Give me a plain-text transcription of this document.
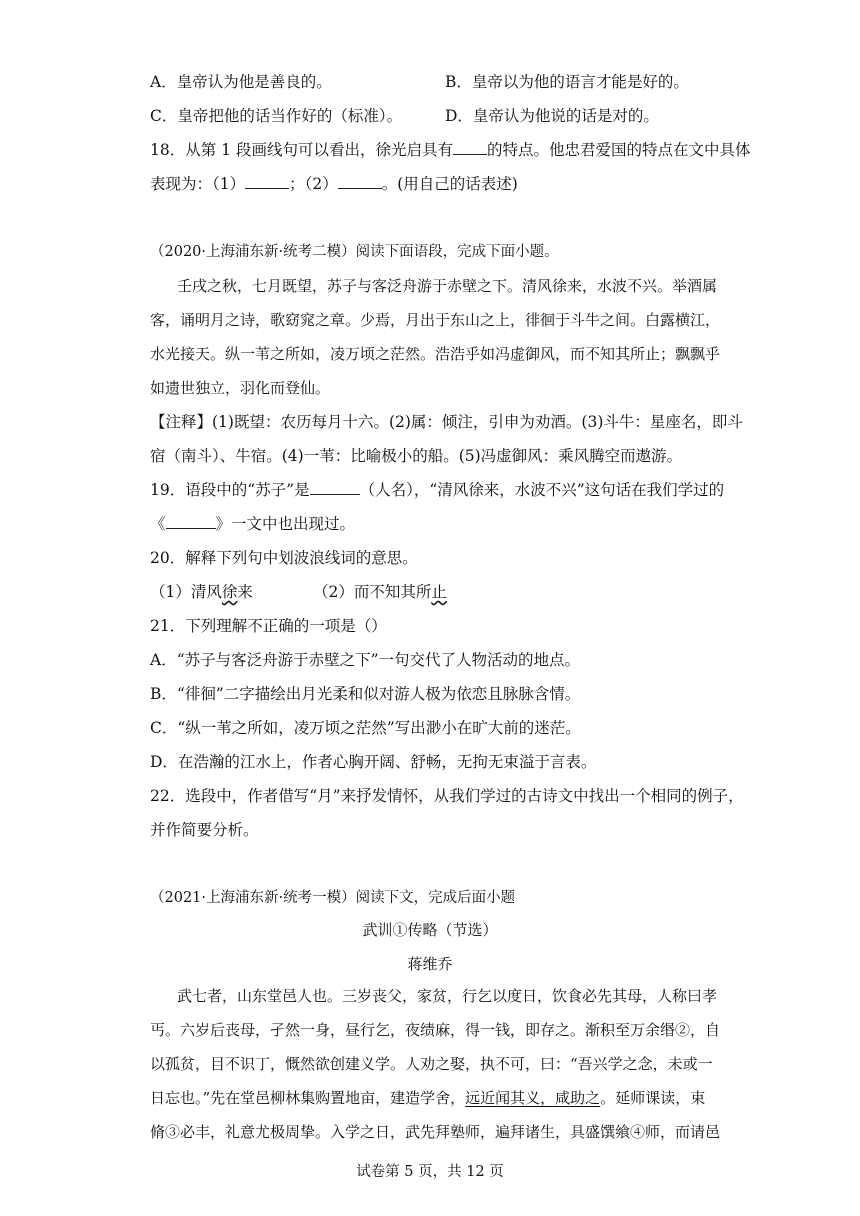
A．皇帝认为他是善良的。	B．皇帝以为他的语言才能是好的。
C．皇帝把他的话当作好的（标准）。	D．皇帝认为他说的话是对的。
18．从第 1 段画线句可以看出，徐光启具有 的特点。他忠君爱国的特点在文中具体
表现为：（1）	；（2）	。(用自己的话表述)
（2020·上海浦东新·统考二模）阅读下面语段，完成下面小题。
壬戌之秋，七月既望，苏子与客泛舟游于赤壁之下。清风徐来，水波不兴。举酒属
客，诵明月之诗，歌窈窕之章。少焉，月出于东山之上，徘徊于斗牛之间。白露横江，
水光接天。纵一苇之所如，凌万顷之茫然。浩浩乎如冯虚御风，而不知其所止；飘飘乎
如遗世独立，羽化而登仙。
【注释】(1)既望：农历每月十六。(2)属：倾注，引申为劝酒。(3)斗牛：星座名，即斗
宿（南斗）、牛宿。(4)一苇：比喻极小的船。(5)冯虚御风：乘风腾空而遨游。
19．语段中的“苏子”是	（人名），“清风徐来，水波不兴”这句话在我们学过的
《	》一文中也出现过。
20．解释下列句中划波浪线词的意思。
（1）清风徐来	（2）而不知其所止
21．下列理解不正确的一项是（）
A．“苏子与客泛舟游于赤壁之下”一句交代了人物活动的地点。
B．“徘徊”二字描绘出月光柔和似对游人极为依恋且脉脉含情。
C．“纵一苇之所如，凌万顷之茫然”写出渺小在旷大前的迷茫。
D．在浩瀚的江水上，作者心胸开阔、舒畅，无拘无束溢于言表。
22．选段中，作者借写“月”来抒发情怀，从我们学过的古诗文中找出一个相同的例子，
并作简要分析。
（2021·上海浦东新·统考一模）阅读下文，完成后面小题
武训①传略（节选）
蒋维乔
武七者，山东堂邑人也。三岁丧父，家贫，行乞以度日，饮食必先其母，人称曰孝
丐。六岁后丧母，孑然一身，昼行乞，夜绩麻，得一钱，即存之。渐积至万余缗②，自
以孤贫，目不识丁，慨然欲创建义学。人劝之娶，执不可，曰：“吾兴学之念，未或一
日忘也。”先在堂邑柳林集购置地亩，建造学舍，远近闻其义，咸助之。延师课读，束
脩③必丰，礼意尤极周挚。入学之日，武先拜塾师，遍拜诸生，具盛馔飨④师，而请邑
试卷第 5 页，共 12 页
